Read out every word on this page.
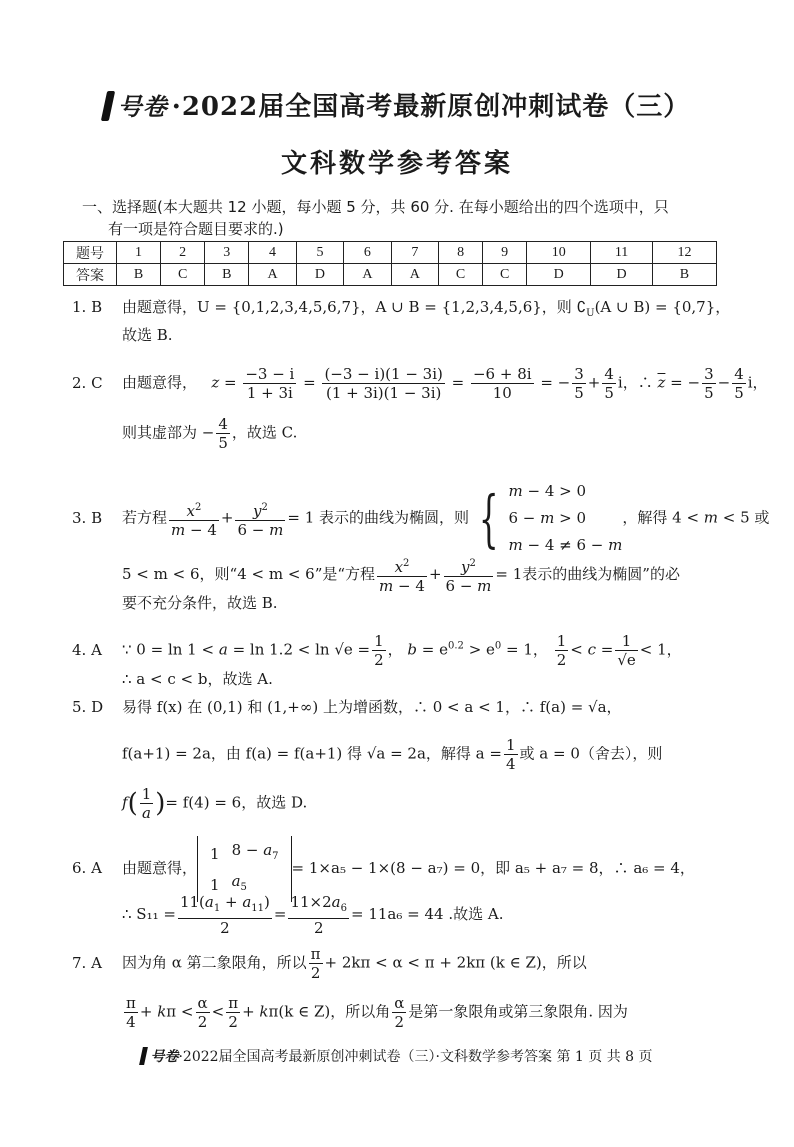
号卷 ·2022届全国高考最新原创冲刺试卷（三）
文科数学参考答案
一、选择题(本大题共 12 小题，每小题 5 分，共 60 分. 在每小题给出的四个选项中，只
有一项是符合题目要求的.)
题号	1	2	3	4	5	6	7	8	9	10	11	12
答案	B	C	B	A	D	A	A	C	C	D	D	B
1. B 由题意得，U = {0,1,2,3,4,5,6,7}，A ∪ B = {1,2,3,4,5,6}，则 $∁_U(A$ ∪ B) = {0,7}，
故选 B.
2. C 由题意得，   $z = \frac{-3 - i}{1 + 3i} = \frac{(-3 - i)(1 - 3i)}{(1 + 3i)(1 - 3i)} = \frac{-6 + 8i}{10}$ = − $\frac{3}{5} + \frac{4}{5}$ i，∴ $\overline{z}$ = − $\frac{3}{5} - \frac{4}{5}$ i，
则其虚部为 − $\frac{4}{5}$ ，故选 C.
3. B 若方程 $\frac{x^2}{m - 4} + \frac{y^2}{6 - m} = 1$ 表示的曲线为椭圆，则 { m − 4 > 0
6 − m > 0
m − 4 ≠ 6 − m，解得 4 < m < 5 或
5 < m < 6，则“4 < m < 6”是“方程 $\frac{x^2}{m - 4} + \frac{y^2}{6 - m} = 1$表示的曲线为椭圆”的必
要不充分条件，故选 B.
4. A ∵ $0 = \ln 1 < a = \ln 1.2 < \ln √e = \frac{1}{2}$ ， $b = e^{0.2} > e^0 = 1$， $\frac{1}{2} < c = \frac{1}{√e} < 1$，
∴ a < c < b，故选 A.
5. D 易得 f(x) 在 (0,1) 和 (1,+∞) 上为增函数，∴ 0 < a < 1，∴ f(a) = √a，
f(a+1) = 2a，由 f(a) = f(a+1) 得 √a = 2a，解得 $a = \frac{1}{4}$ 或 a = 0（舍去），则
$f( \frac{1}{a}$ )= f(4) = 6，故选 D.
6. A 由题意得，
1	$8 - a_7$
1	$a_5$
= 1×a₅ − 1×(8 − a₇) = 0，即 a₅ + a₇ = 8，∴ a₆ = 4，
∴ $S_{11} = \frac{11(a_1 + a_{11})}{2} = \frac{11\times 2a_6}{2} = 11a_6 = 44$ .故选 A.
7. A 因为角 α 第二象限角，所以 $\frac{\pi}{2} + 2k\pi < \alpha < \pi + 2k\pi$ (k ∈ Z)，所以
$\frac{\pi}{4} + k\pi < \frac{\alpha}{2} < \frac{\pi}{2} + k\pi(k$ ∈ Z)，所以角 $\frac{\alpha}{2}$ 是第一象限角或第三象限角. 因为
号卷·2022届全国高考最新原创冲刺试卷（三）·文科数学参考答案 第 1 页 共 8 页
